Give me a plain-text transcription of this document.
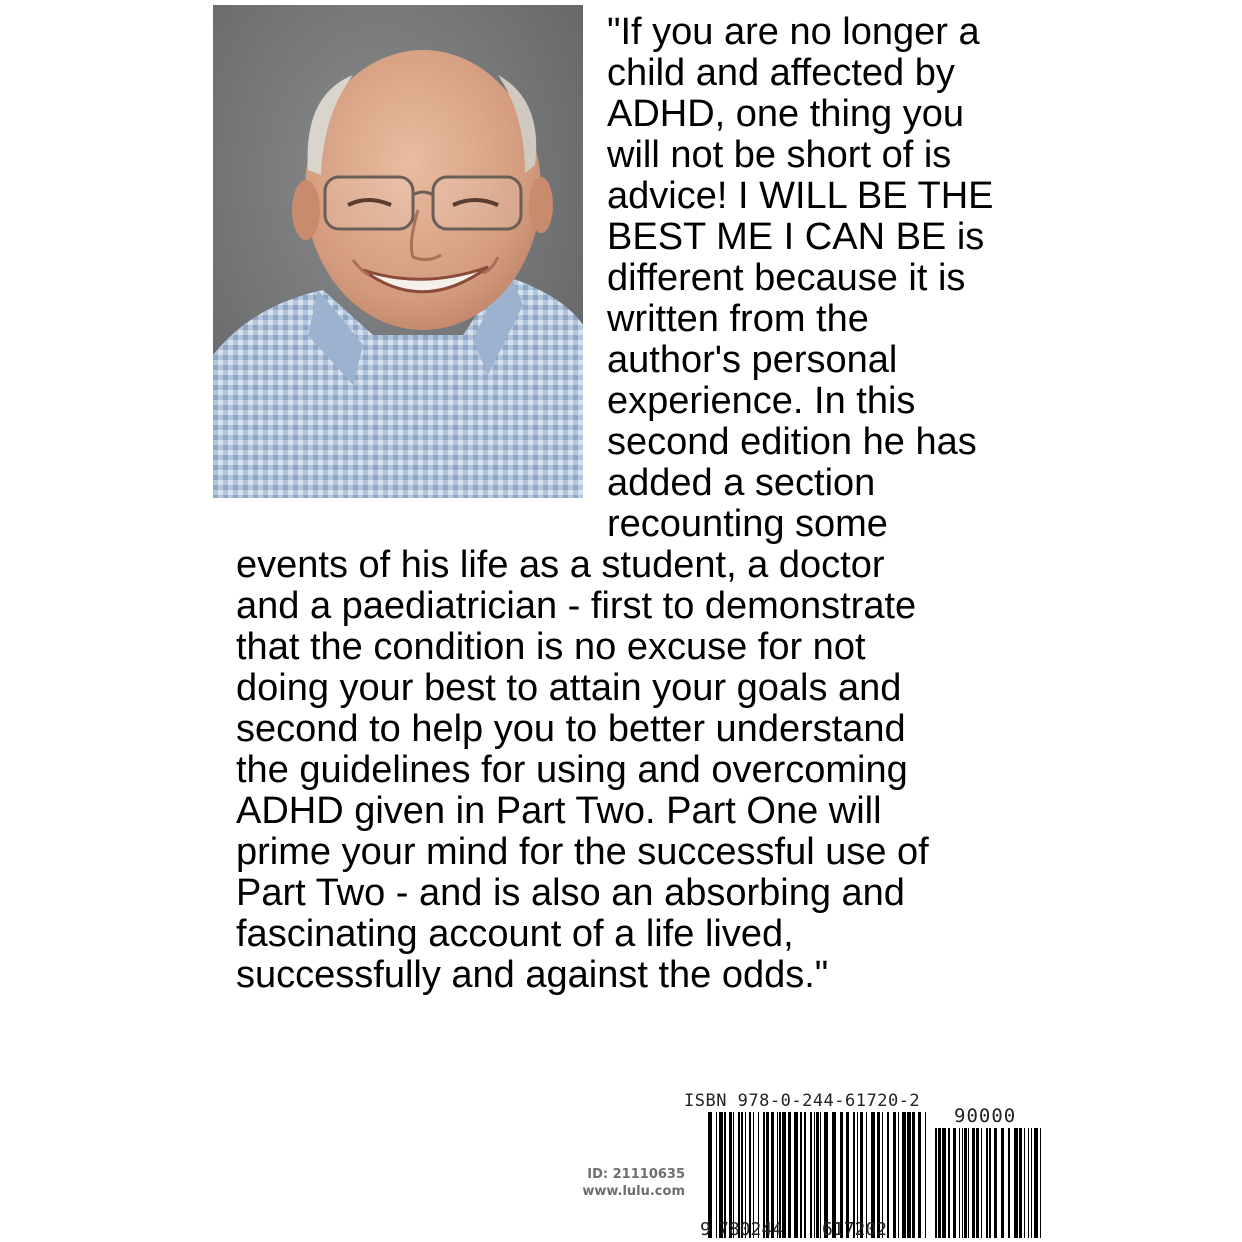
"If you are no longer a
child and affected by
ADHD, one thing you
will not be short of is
advice! I WILL BE THE
BEST ME I CAN BE is
different because it is
written from the
author's personal
experience. In this
second edition he has
added a section
recounting some
events of his life as a student, a doctor
and a paediatrician - first to demonstrate
that the condition is no excuse for not
doing your best to attain your goals and
second to help you to better understand
the guidelines for using and overcoming
ADHD given in Part Two. Part One will
prime your mind for the successful use of
Part Two - and is also an absorbing and
fascinating account of a life lived,
successfully and against the odds."
ID: 21110635
www.lulu.com
ISBN 978-0-244-61720-2
90000
9 780244 617202
